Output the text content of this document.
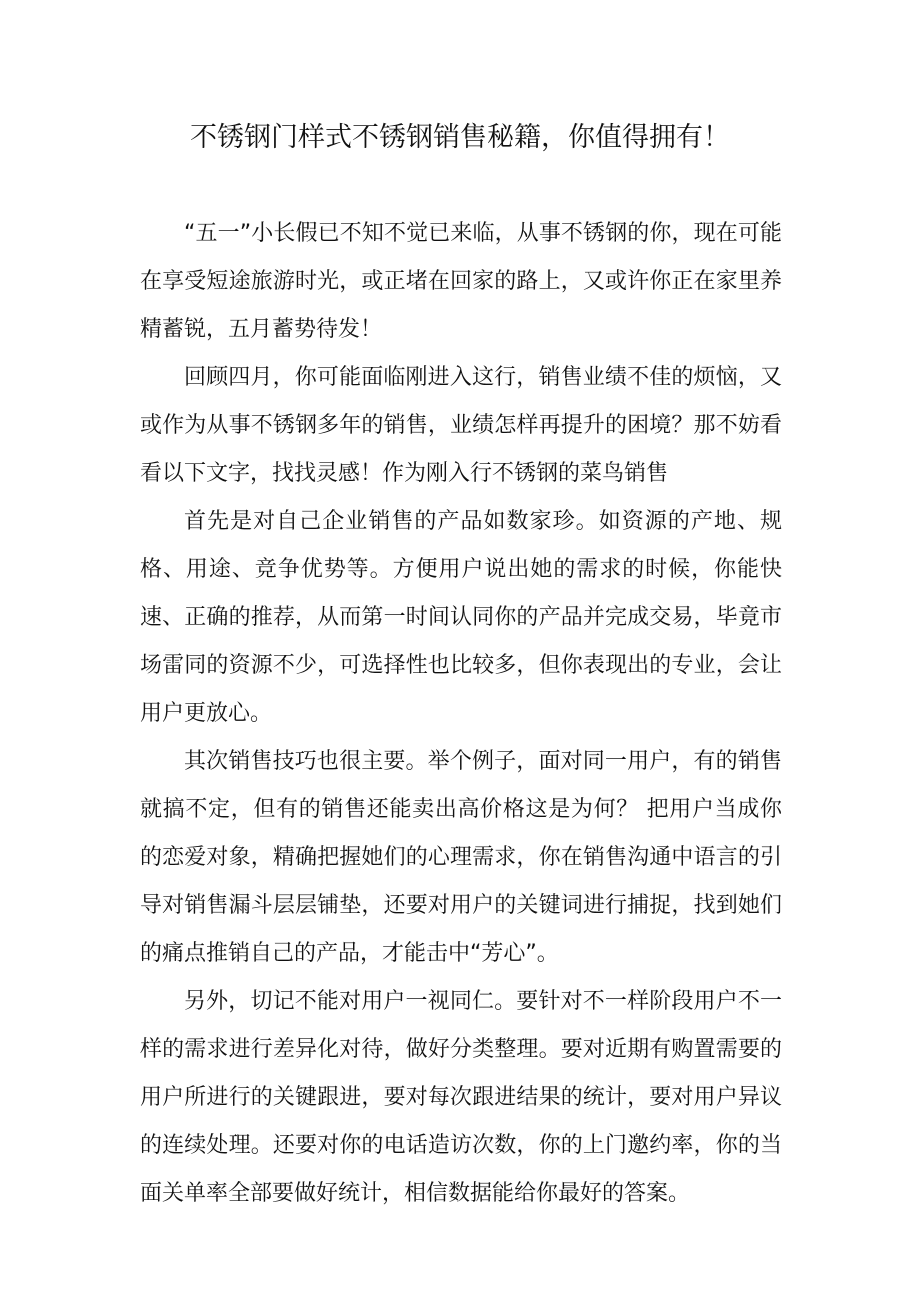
不锈钢门样式不锈钢销售秘籍，你值得拥有！

“五一”小长假已不知不觉已来临，从事不锈钢的你，现在可能在享受短途旅游时光，或正堵在回家的路上，又或许你正在家里养精蓄锐，五月蓄势待发！

回顾四月，你可能面临刚进入这行，销售业绩不佳的烦恼，又或作为从事不锈钢多年的销售，业绩怎样再提升的困境？那不妨看看以下文字，找找灵感！作为刚入行不锈钢的菜鸟销售

首先是对自己企业销售的产品如数家珍。如资源的产地、规格、用途、竞争优势等。方便用户说出她的需求的时候，你能快速、正确的推荐，从而第一时间认同你的产品并完成交易，毕竟市场雷同的资源不少，可选择性也比较多，但你表现出的专业，会让用户更放心。

其次销售技巧也很主要。举个例子，面对同一用户，有的销售就搞不定，但有的销售还能卖出高价格这是为何？ 把用户当成你的恋爱对象，精确把握她们的心理需求，你在销售沟通中语言的引导对销售漏斗层层铺垫，还要对用户的关键词进行捕捉，找到她们的痛点推销自己的产品，才能击中“芳心”。

另外，切记不能对用户一视同仁。要针对不一样阶段用户不一样的需求进行差异化对待，做好分类整理。要对近期有购置需要的用户所进行的关键跟进，要对每次跟进结果的统计，要对用户异议的连续处理。还要对你的电话造访次数，你的上门邀约率，你的当面关单率全部要做好统计，相信数据能给你最好的答案。
